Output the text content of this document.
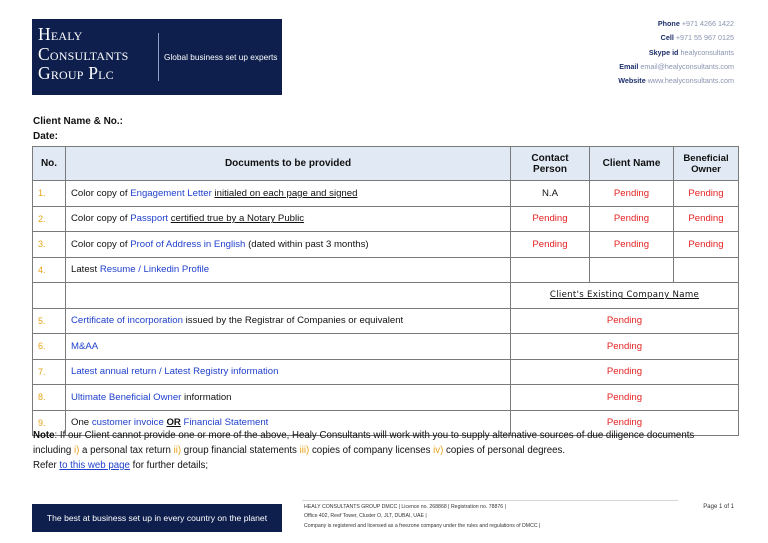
Healy
Consultants
Group Plc
Global business set up experts
Phone +971 4266 1422
Cell +971 55 967 0125
Skype id healyconsultants
Email email@healyconsultants.com
Website www.healyconsultants.com
Client Name & No.:
Date:
No.	Documents to be provided	Contact Person	Client Name	Beneficial Owner
1.	Color copy of Engagement Letter initialed on each page and signed	N.A	Pending	Pending
2.	Color copy of Passport certified true by a Notary Public	Pending	Pending	Pending
3.	Color copy of Proof of Address in English (dated within past 3 months)	Pending	Pending	Pending
4.	Latest Resume / Linkedin Profile			
		Client's Existing Company Name		
5.	Certificate of incorporation issued by the Registrar of Companies or equivalent	Pending		
6.	M&AA	Pending		
7.	Latest annual return / Latest Registry information	Pending		
8.	Ultimate Beneficial Owner information	Pending		
9.	One customer invoice OR Financial Statement	Pending		
Note: If our Client cannot provide one or more of the above, Healy Consultants will work with you to supply alternative sources of due diligence documents
including i) a personal tax return ii) group financial statements iii) copies of company licenses iv) copies of personal degrees.
Refer to this web page for further details;
The best at business set up in every country on the planet
HEALY CONSULTANTS GROUP DMCC | Licence no. 268868 | Registration no. 78876 |
Office 402, Reef Tower, Cluster O, JLT, DUBAI, UAE |
Company is registered and licensed as a freezone company under the rules and regulations of DMCC |
Page 1 of 1
